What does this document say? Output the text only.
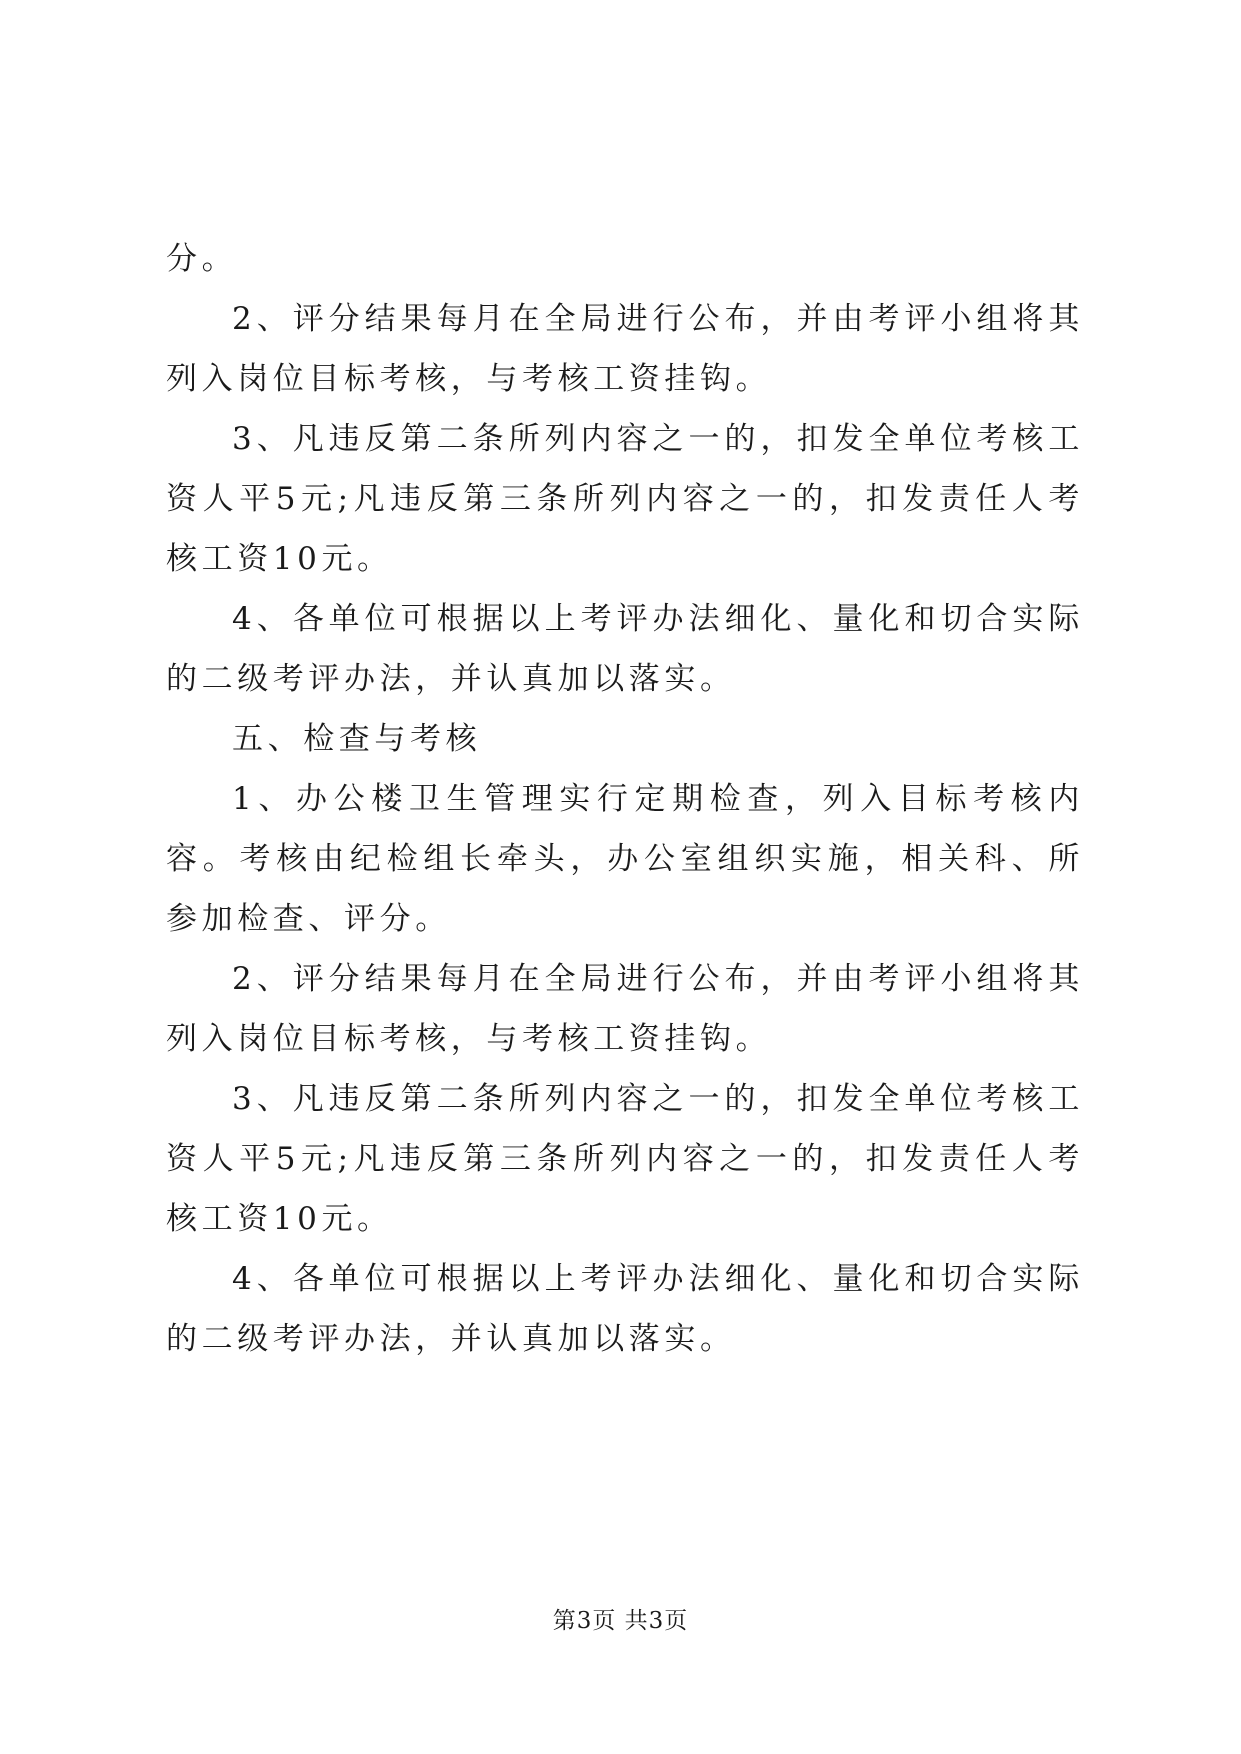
分。

2、评分结果每月在全局进行公布，并由考评小组将其列入岗位目标考核，与考核工资挂钩。

3、凡违反第二条所列内容之一的，扣发全单位考核工资人平5元;凡违反第三条所列内容之一的，扣发责任人考核工资10元。

4、各单位可根据以上考评办法细化、量化和切合实际的二级考评办法，并认真加以落实。

五、检查与考核

1、办公楼卫生管理实行定期检查，列入目标考核内容。考核由纪检组长牵头，办公室组织实施，相关科、所参加检查、评分。

2、评分结果每月在全局进行公布，并由考评小组将其列入岗位目标考核，与考核工资挂钩。

3、凡违反第二条所列内容之一的，扣发全单位考核工资人平5元;凡违反第三条所列内容之一的，扣发责任人考核工资10元。

4、各单位可根据以上考评办法细化、量化和切合实际的二级考评办法，并认真加以落实。

第3页 共3页
